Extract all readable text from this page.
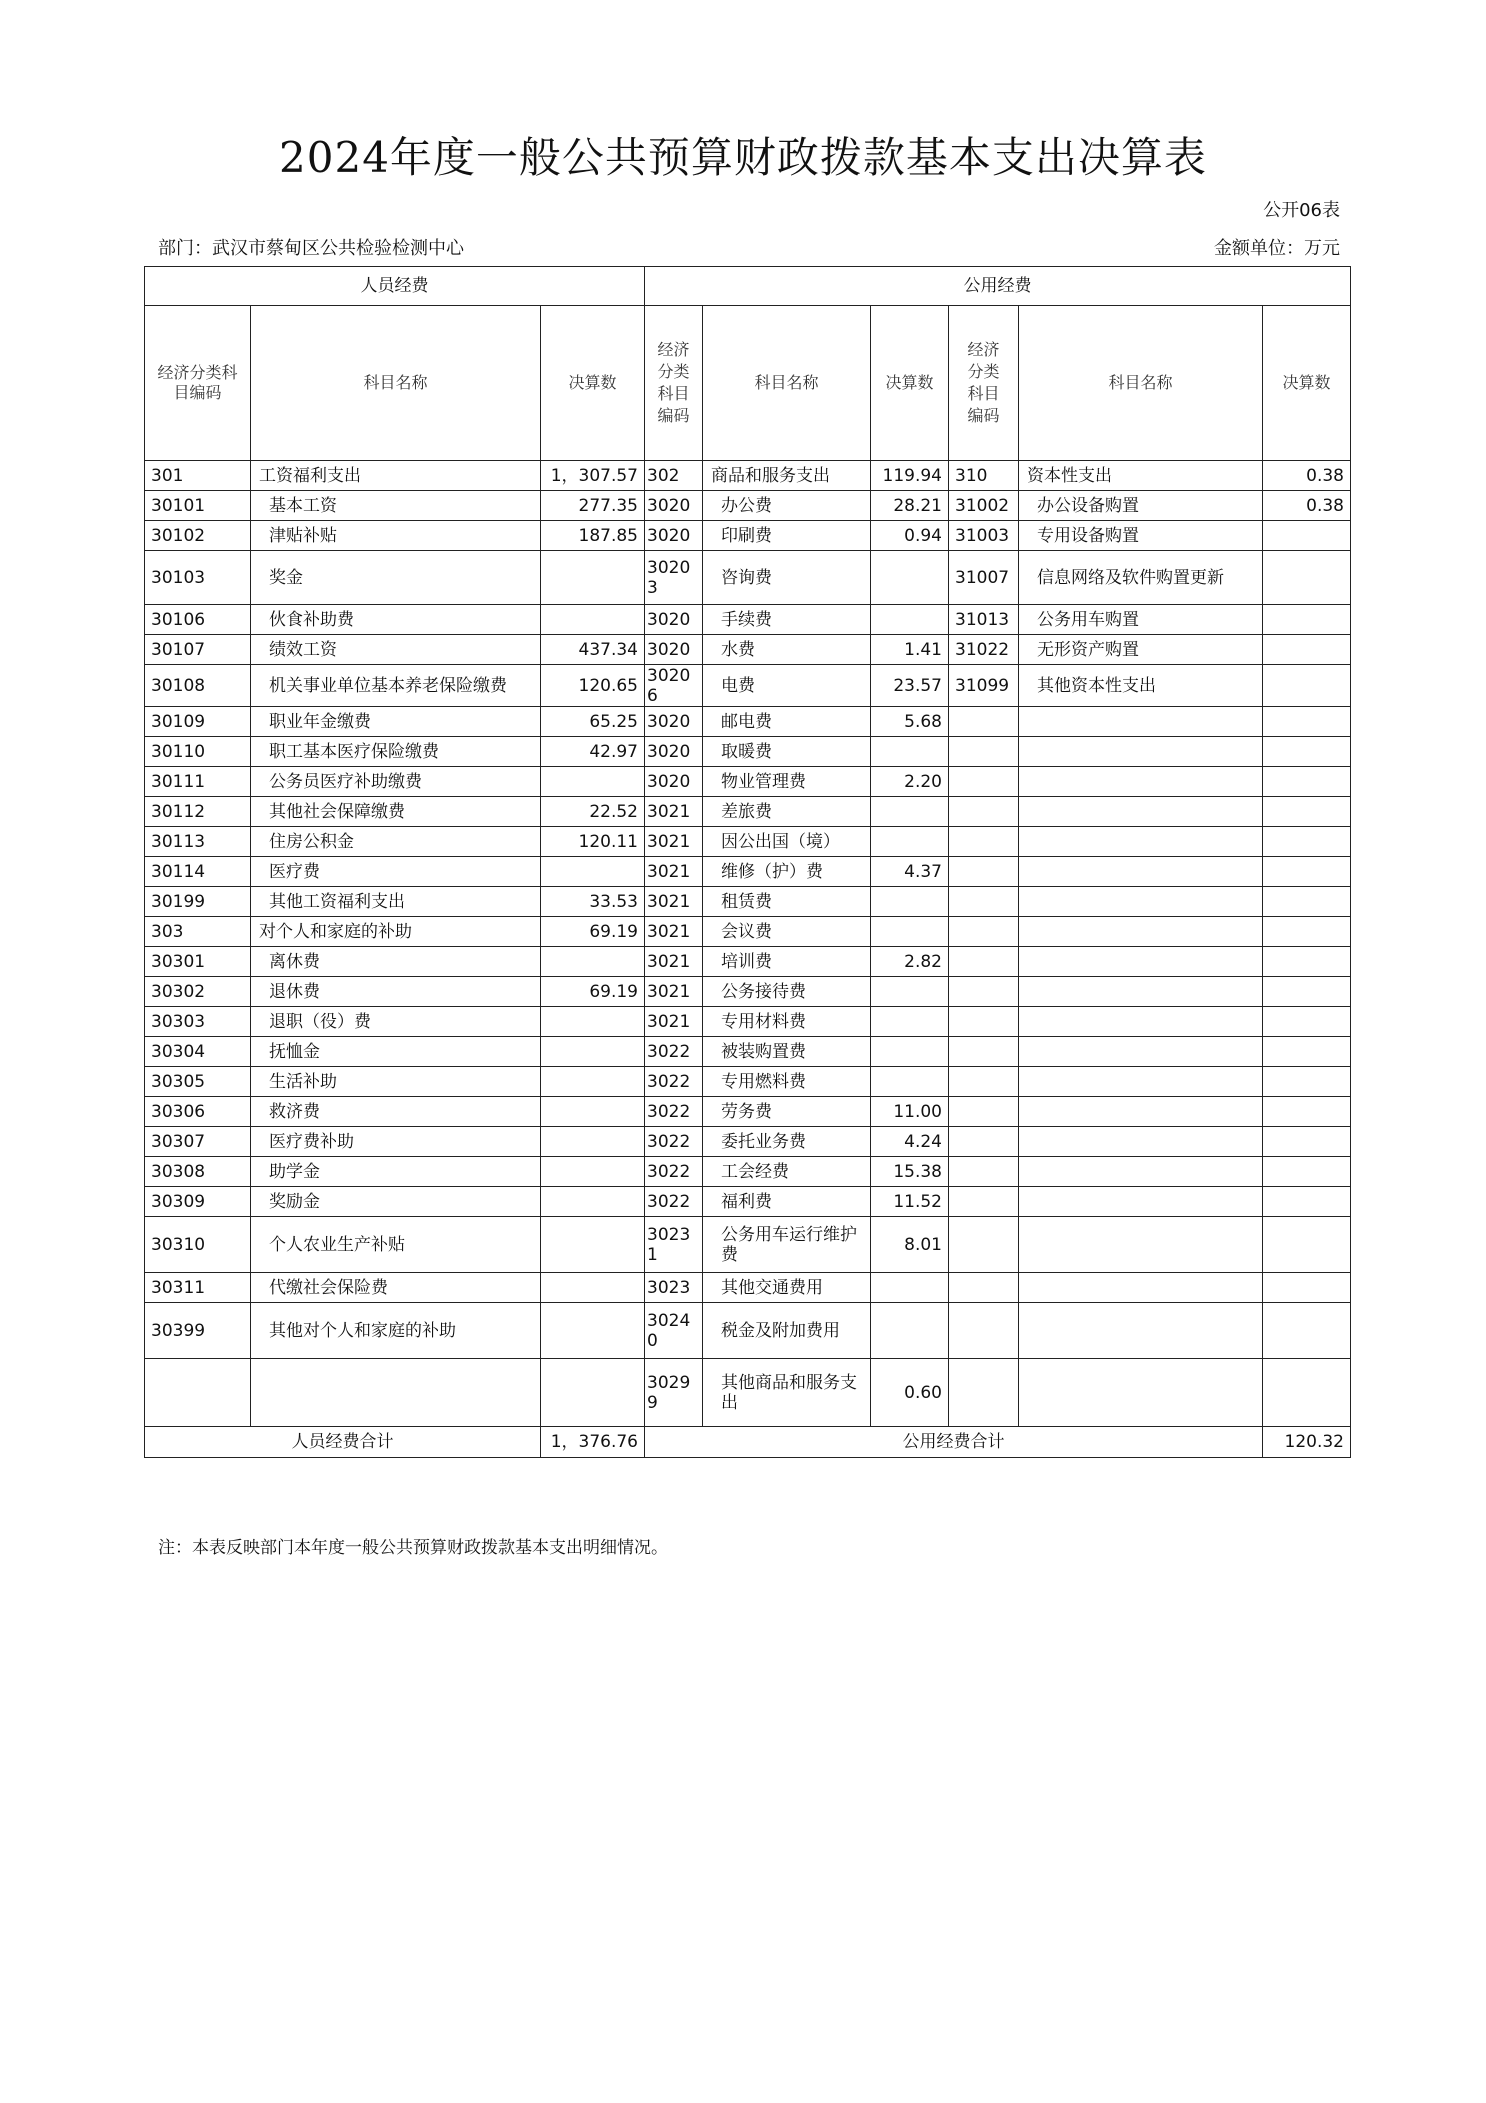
2024年度一般公共预算财政拨款基本支出决算表
公开06表
部门：武汉市蔡甸区公共检验检测中心	金额单位：万元
人员经费			公用经费					
经济分类科目编码	科目名称	决算数	经济分类科目编码	科目名称	决算数	经济分类科目编码	科目名称	决算数
301	工资福利支出	1，307.57	302	商品和服务支出	119.94	310	资本性支出	0.38
30101	基本工资	277.35	3020	办公费	28.21	31002	办公设备购置	0.38
30102	津贴补贴	187.85	3020	印刷费	0.94	31003	专用设备购置	
30103	奖金		30203	咨询费		31007	信息网络及软件购置更新	
30106	伙食补助费		3020	手续费		31013	公务用车购置	
30107	绩效工资	437.34	3020	水费	1.41	31022	无形资产购置	
30108	机关事业单位基本养老保险缴费	120.65	30206	电费	23.57	31099	其他资本性支出	
30109	职业年金缴费	65.25	3020	邮电费	5.68			
30110	职工基本医疗保险缴费	42.97	3020	取暖费				
30111	公务员医疗补助缴费		3020	物业管理费	2.20			
30112	其他社会保障缴费	22.52	3021	差旅费				
30113	住房公积金	120.11	3021	因公出国（境）				
30114	医疗费		3021	维修（护）费	4.37			
30199	其他工资福利支出	33.53	3021	租赁费				
303	对个人和家庭的补助	69.19	3021	会议费				
30301	离休费		3021	培训费	2.82			
30302	退休费	69.19	3021	公务接待费				
30303	退职（役）费		3021	专用材料费				
30304	抚恤金		3022	被装购置费				
30305	生活补助		3022	专用燃料费				
30306	救济费		3022	劳务费	11.00			
30307	医疗费补助		3022	委托业务费	4.24			
30308	助学金		3022	工会经费	15.38			
30309	奖励金		3022	福利费	11.52			
30310	个人农业生产补贴		30231	公务用车运行维护费	8.01			
30311	代缴社会保险费		3023	其他交通费用				
30399	其他对个人和家庭的补助		30240	税金及附加费用				
			30299	其他商品和服务支出	0.60			
人员经费合计		1，376.76	公用经费合计					120.32
注：本表反映部门本年度一般公共预算财政拨款基本支出明细情况。
